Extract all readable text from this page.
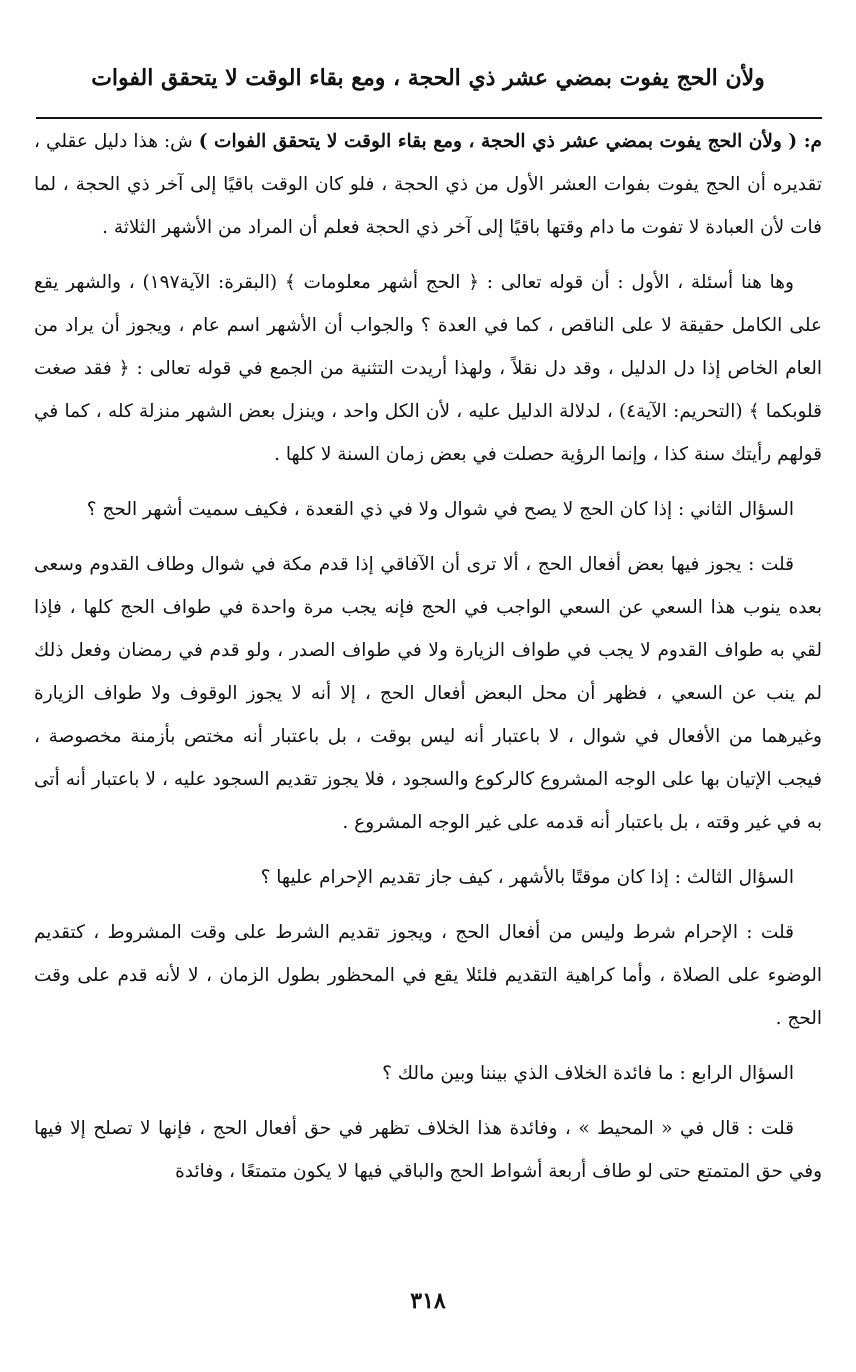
ولأن الحج يفوت بمضي عشر ذي الحجة ، ومع بقاء الوقت لا يتحقق الفوات

م: ( ولأن الحج يفوت بمضي عشر ذي الحجة ، ومع بقاء الوقت لا يتحقق الفوات ) ش: هذا دليل عقلي ، تقديره أن الحج يفوت بفوات العشر الأول من ذي الحجة ، فلو كان الوقت باقيًا إلى آخر ذي الحجة ، لما فات لأن العبادة لا تفوت ما دام وقتها باقيًا إلى آخر ذي الحجة فعلم أن المراد من الأشهر الثلاثة .

وها هنا أسئلة ، الأول : أن قوله تعالى : ﴿ الحج أشهر معلومات ﴾ (البقرة: الآية١٩٧) ، والشهر يقع على الكامل حقيقة لا على الناقص ، كما في العدة ؟ والجواب أن الأشهر اسم عام ، ويجوز أن يراد من العام الخاص إذا دل الدليل ، وقد دل نقلاً ، ولهذا أريدت التثنية من الجمع في قوله تعالى : ﴿ فقد صغت قلوبكما ﴾ (التحريم: الآية٤) ، لدلالة الدليل عليه ، لأن الكل واحد ، وينزل بعض الشهر منزلة كله ، كما في قولهم رأيتك سنة كذا ، وإنما الرؤية حصلت في بعض زمان السنة لا كلها .

السؤال الثاني : إذا كان الحج لا يصح في شوال ولا في ذي القعدة ، فكيف سميت أشهر الحج ؟

قلت : يجوز فيها بعض أفعال الحج ، ألا ترى أن الآفاقي إذا قدم مكة في شوال وطاف القدوم وسعى بعده ينوب هذا السعي عن السعي الواجب في الحج فإنه يجب مرة واحدة في طواف الحج كلها ، فإذا لقي به طواف القدوم لا يجب في طواف الزيارة ولا في طواف الصدر ، ولو قدم في رمضان وفعل ذلك لم ينب عن السعي ، فظهر أن محل البعض أفعال الحج ، إلا أنه لا يجوز الوقوف ولا طواف الزيارة وغيرهما من الأفعال في شوال ، لا باعتبار أنه ليس بوقت ، بل باعتبار أنه مختص بأزمنة مخصوصة ، فيجب الإتيان بها على الوجه المشروع كالركوع والسجود ، فلا يجوز تقديم السجود عليه ، لا باعتبار أنه أتى به في غير وقته ، بل باعتبار أنه قدمه على غير الوجه المشروع .

السؤال الثالث : إذا كان موقتًا بالأشهر ، كيف جاز تقديم الإحرام عليها ؟

قلت : الإحرام شرط وليس من أفعال الحج ، ويجوز تقديم الشرط على وقت المشروط ، كتقديم الوضوء على الصلاة ، وأما كراهية التقديم فلئلا يقع في المحظور بطول الزمان ، لا لأنه قدم على وقت الحج .

السؤال الرابع : ما فائدة الخلاف الذي بيننا وبين مالك ؟

قلت : قال في « المحيط » ، وفائدة هذا الخلاف تظهر في حق أفعال الحج ، فإنها لا تصلح إلا فيها وفي حق المتمتع حتى لو طاف أربعة أشواط الحج والباقي فيها لا يكون متمتعًا ، وفائدة

٣١٨
